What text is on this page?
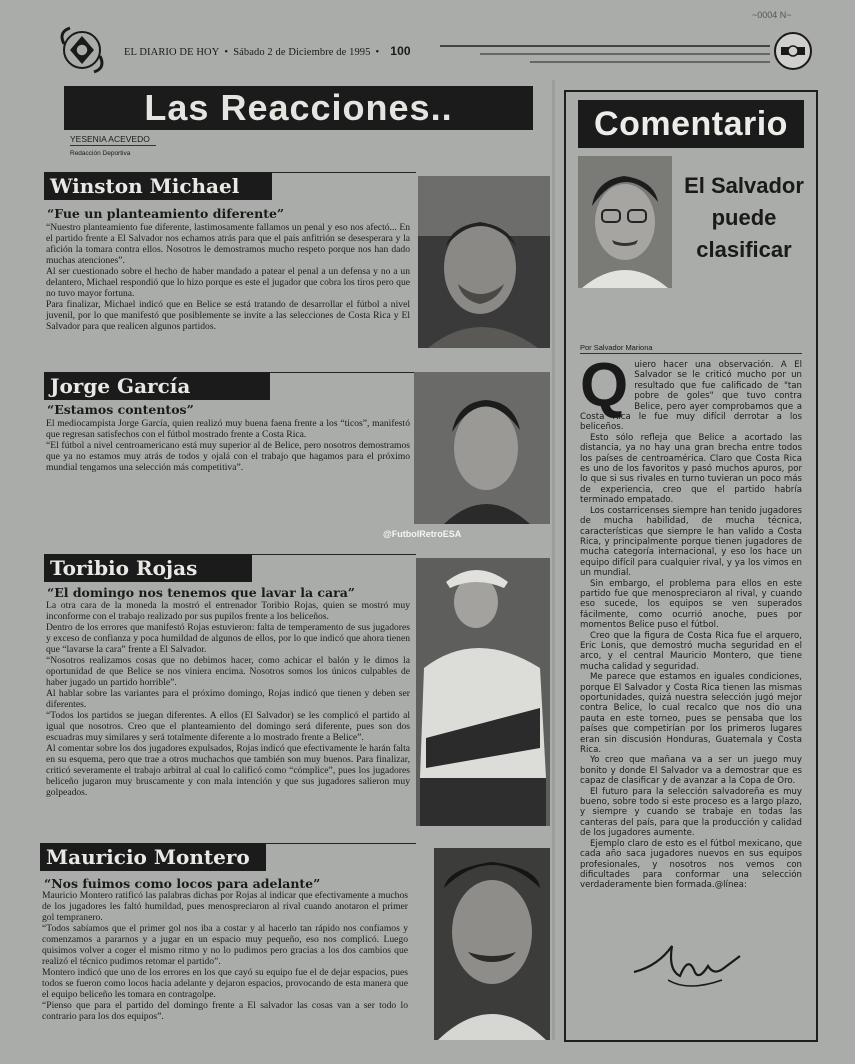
~0004 N~
EL DIARIO DE HOY • Sábado 2 de Diciembre de 1995 • 100
Las Reacciones..
YESENIA ACEVEDO
Redacción Deportiva
Winston Michael
“Fue un planteamiento diferente”

“Nuestro planteamiento fue diferente, lastimosamente fallamos un penal y eso nos afectó... En el partido frente a El Salvador nos echamos atrás para que el país anfitrión se desesperara y la afición la tomara contra ellos. Nosotros le demostramos mucho respeto porque nos han dado muchas atenciones”.

Al ser cuestionado sobre el hecho de haber mandado a patear el penal a un defensa y no a un delantero, Michael respondió que lo hizo porque es este el jugador que cobra los tiros pero que no tuvo mayor fortuna.

Para finalizar, Michael indicó que en Belice se está tratando de desarrollar el fútbol a nivel juvenil, por lo que manifestó que posiblemente se invite a las selecciones de Costa Rica y El Salvador para que realicen algunos partidos.

Jorge García
“Estamos contentos”

El mediocampista Jorge García, quien realizó muy buena faena frente a los “ticos”, manifestó que regresan satisfechos con el fútbol mostrado frente a Costa Rica.

“El fútbol a nivel centroamericano está muy superior al de Belice, pero nosotros demostramos que ya no estamos muy atrás de todos y ojalá con el trabajo que hagamos para el próximo mundial tengamos una selección más competitiva”.

Toribio Rojas
“El domingo nos tenemos que lavar la cara”

La otra cara de la moneda la mostró el entrenador Toribio Rojas, quien se mostró muy inconforme con el trabajo realizado por sus pupilos frente a los beliceños.

Dentro de los errores que manifestó Rojas estuvieron: falta de temperamento de sus jugadores y exceso de confianza y poca humildad de algunos de ellos, por lo que indicó que ahora tienen que “lavarse la cara” frente a El Salvador.

“Nosotros realizamos cosas que no debimos hacer, como achicar el balón y le dimos la oportunidad de que Belice se nos viniera encima. Nosotros somos los únicos culpables de haber jugado un partido horrible”.

Al hablar sobre las variantes para el próximo domingo, Rojas indicó que tienen y deben ser diferentes.

“Todos los partidos se juegan diferentes. A ellos (El Salvador) se les complicó el partido al igual que nosotros. Creo que el planteamiento del domingo será diferente, pues son dos escuadras muy similares y será totalmente diferente a lo mostrado frente a Belice”.

Al comentar sobre los dos jugadores expulsados, Rojas indicó que efectivamente le harán falta en su esquema, pero que trae a otros muchachos que también son muy buenos. Para finalizar, criticó severamente el trabajo arbitral al cual lo calificó como “cómplice”, pues los jugadores beliceño jugaron muy bruscamente y con mala intención y que sus jugadores salieron muy golpeados.

@FutbolRetroESA
Mauricio Montero
“Nos fuimos como locos para adelante”

Mauricio Montero ratificó las palabras dichas por Rojas al indicar que efectivamente a muchos de los jugadores les faltó humildad, pues menospreciaron al rival cuando anotaron el primer gol tempranero.

“Todos sabíamos que el primer gol nos iba a costar y al hacerlo tan rápido nos confiamos y comenzamos a pararnos y a jugar en un espacio muy pequeño, eso nos complicó. Luego quisimos volver a coger el mismo ritmo y no lo pudimos pero gracias a los dos cambios que realizó el técnico pudimos retomar el partido”.

Montero indicó que uno de los errores en los que cayó su equipo fue el de dejar espacios, pues todos se fueron como locos hacia adelante y dejaron espacios, provocando de esta manera que el equipo beliceño les tomara en contragolpe.

“Pienso que para el partido del domingo frente a El salvador las cosas van a ser todo lo contrario para los dos equipos”.

Comentario
El Salvador puede clasificar
Por Salvador Mariona

Quiero hacer una observación. A El Salvador se le criticó mucho por un resultado que fue calificado de "tan pobre de goles" que tuvo contra Belice, pero ayer comprobamos que a Costa Rica le fue muy difícil derrotar a los beliceños.

Esto sólo refleja que Belice a acortado las distancia, ya no hay una gran brecha entre todos los países de centroamérica. Claro que Costa Rica es uno de los favoritos y pasó muchos apuros, por lo que si sus rivales en turno tuvieran un poco más de experiencia, creo que el partido habría terminado empatado.

Los costarricenses siempre han tenido jugadores de mucha habilidad, de mucha técnica, características que siempre le han valido a Costa Rica, y principalmente porque tienen jugadores de mucha categoría internacional, y eso los hace un equipo difícil para cualquier rival, y ya los vimos en un mundial.

Sin embargo, el problema para ellos en este partido fue que menospreciaron al rival, y cuando eso sucede, los equipos se ven superados fácilmente, como ocurrió anoche, pues por momentos Belice puso el fútbol.

Creo que la figura de Costa Rica fue el arquero, Eric Lonis, que demostró mucha seguridad en el arco, y el central Mauricio Montero, que tiene mucha calidad y seguridad.

Me parece que estamos en iguales condiciones, porque El Salvador y Costa Rica tienen las mismas oportunidades, quizá nuestra selección jugó mejor contra Belice, lo cual recalco que nos dio una pauta en este torneo, pues se pensaba que los países que competirían por los primeros lugares eran sin discusión Honduras, Guatemala y Costa Rica.

Yo creo que mañana va a ser un juego muy bonito y donde El Salvador va a demostrar que es capaz de clasificar y de avanzar a la Copa de Oro.

El futuro para la selección salvadoreña es muy bueno, sobre todo si este proceso es a largo plazo, y siempre y cuando se trabaje en todas las canteras del país, para que la producción y calidad de los jugadores aumente.

Ejemplo claro de esto es el fútbol mexicano, que cada año saca jugadores nuevos en sus equipos profesionales, y nosotros nos vemos con dificultades para conformar una selección verdaderamente bien formada.@línea:
